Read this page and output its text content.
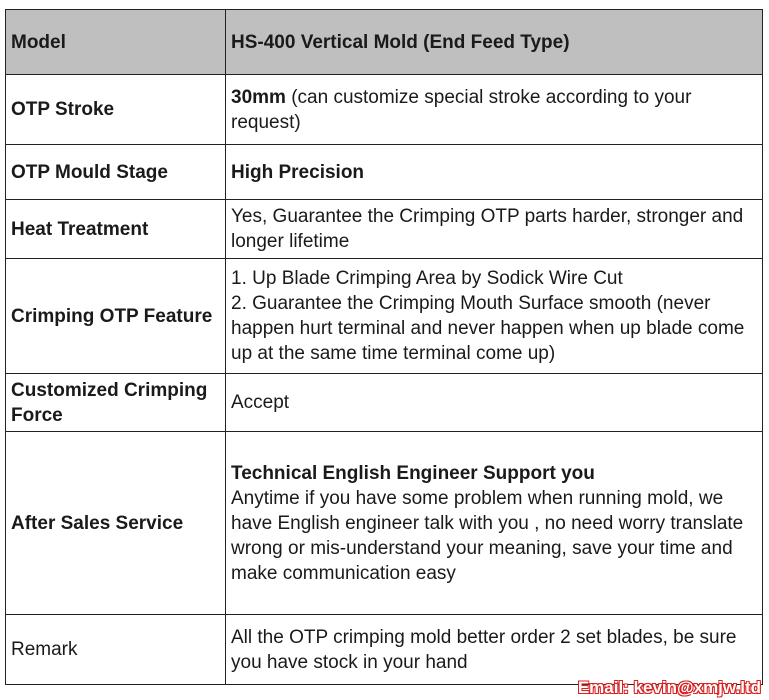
Model	HS-400 Vertical Mold (End Feed Type)
OTP Stroke	30mm (can customize special stroke according to your request)
OTP Mould Stage	High Precision
Heat Treatment	Yes, Guarantee the Crimping OTP parts harder, stronger and longer lifetime
Crimping OTP Feature	1. Up Blade Crimping Area by Sodick Wire Cut
2. Guarantee the Crimping Mouth Surface smooth (never happen hurt terminal and never happen when up blade come up at the same time terminal come up)

Customized Crimping Force	Accept
After Sales Service	Technical English Engineer Support you
Anytime if you have some problem when running mold, we have English engineer talk with you , no need worry translate wrong or mis-understand your meaning, save your time and make communication easy

Remark	All the OTP crimping mold better order 2 set blades, be sure you have stock in your hand
Email: kevin@xmjw.ltd
